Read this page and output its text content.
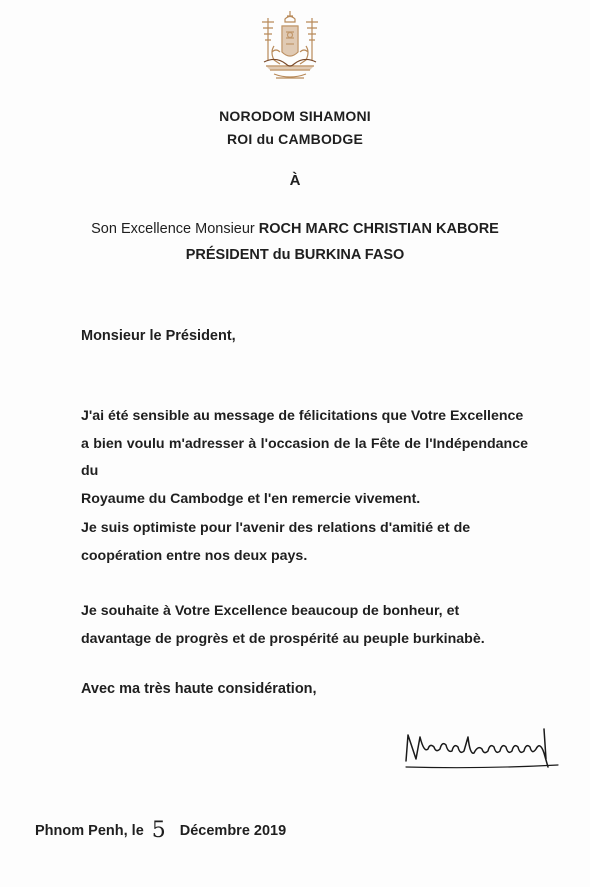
NORODOM SIHAMONI
ROI du CAMBODGE
À
Son Excellence Monsieur ROCH MARC CHRISTIAN KABORE
PRÉSIDENT du BURKINA FASO
Monsieur le Président,
J'ai été sensible au message de félicitations que Votre Excellence
a bien voulu m'adresser à l'occasion de la Fête de l'Indépendance du
Royaume du Cambodge et l'en remercie vivement.
Je suis optimiste pour l'avenir des relations d'amitié et de
coopération entre nos deux pays.
Je souhaite à Votre Excellence beaucoup de bonheur, et
davantage de progrès et de prospérité au peuple burkinabè.
Avec ma très haute considération,
Phnom Penh, le 5 Décembre 2019
